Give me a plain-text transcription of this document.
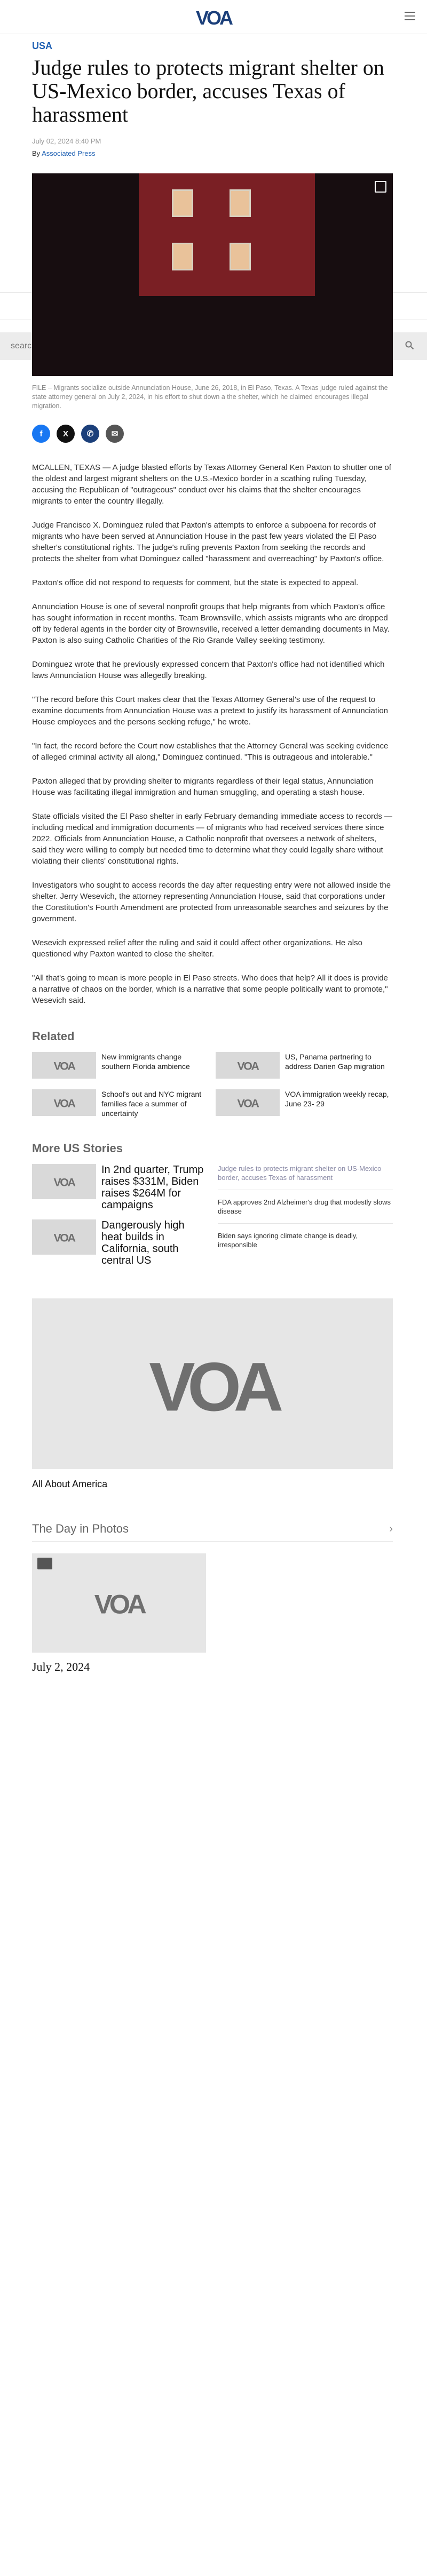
VOA
search text ...
USA
Judge rules to protects migrant shelter on US-Mexico border, accuses Texas of harassment
July 02, 2024 8:40 PM
By Associated Press
FILE – Migrants socialize outside Annunciation House, June 26, 2018, in El Paso, Texas. A Texas judge ruled against the state attorney general on July 2, 2024, in his effort to shut down a the shelter, which he claimed encourages illegal migration.
f	X	✆	✉

MCALLEN, TEXAS — A judge blasted efforts by Texas Attorney General Ken Paxton to shutter one of the oldest and largest migrant shelters on the U.S.-Mexico border in a scathing ruling Tuesday, accusing the Republican of "outrageous" conduct over his claims that the shelter encourages migrants to enter the country illegally.

Judge Francisco X. Dominguez ruled that Paxton's attempts to enforce a subpoena for records of migrants who have been served at Annunciation House in the past few years violated the El Paso shelter's constitutional rights. The judge's ruling prevents Paxton from seeking the records and protects the shelter from what Dominguez called "harassment and overreaching" by Paxton's office.

Paxton's office did not respond to requests for comment, but the state is expected to appeal.

Annunciation House is one of several nonprofit groups that help migrants from which Paxton's office has sought information in recent months. Team Brownsville, which assists migrants who are dropped off by federal agents in the border city of Brownsville, received a letter demanding documents in May. Paxton is also suing Catholic Charities of the Rio Grande Valley seeking testimony.

Dominguez wrote that he previously expressed concern that Paxton's office had not identified which laws Annunciation House was allegedly breaking.

"The record before this Court makes clear that the Texas Attorney General's use of the request to examine documents from Annunciation House was a pretext to justify its harassment of Annunciation House employees and the persons seeking refuge," he wrote.

"In fact, the record before the Court now establishes that the Attorney General was seeking evidence of alleged criminal activity all along," Dominguez continued. "This is outrageous and intolerable."

Paxton alleged that by providing shelter to migrants regardless of their legal status, Annunciation House was facilitating illegal immigration and human smuggling, and operating a stash house.

State officials visited the El Paso shelter in early February demanding immediate access to records — including medical and immigration documents — of migrants who had received services there since 2022. Officials from Annunciation House, a Catholic nonprofit that oversees a network of shelters, said they were willing to comply but needed time to determine what they could legally share without violating their clients' constitutional rights.

Investigators who sought to access records the day after requesting entry were not allowed inside the shelter. Jerry Wesevich, the attorney representing Annunciation House, said that corporations under the Constitution's Fourth Amendment are protected from unreasonable searches and seizures by the government.

Wesevich expressed relief after the ruling and said it could affect other organizations. He also questioned why Paxton wanted to close the shelter.

"All that's going to mean is more people in El Paso streets. Who does that help? All it does is provide a narrative of chaos on the border, which is a narrative that some people politically want to promote," Wesevich said.

Related
VOA
New immigrants change southern Florida ambience	VOA
US, Panama partnering to address Darien Gap migration
VOA
School's out and NYC migrant families face a summer of uncertainty
VOA
VOA immigration weekly recap, June 23- 29
More US Stories
VOA
In 2nd quarter, Trump raises $331M, Biden raises $264M for campaigns
VOA
Dangerously high heat builds in California, south central US
Judge rules to protects migrant shelter on US-Mexico border, accuses Texas of harassment
FDA approves 2nd Alzheimer's drug that modestly slows disease
Biden says ignoring climate change is deadly, irresponsible
VOA
All About America
The Day in Photos	›
VOA
July 2, 2024
